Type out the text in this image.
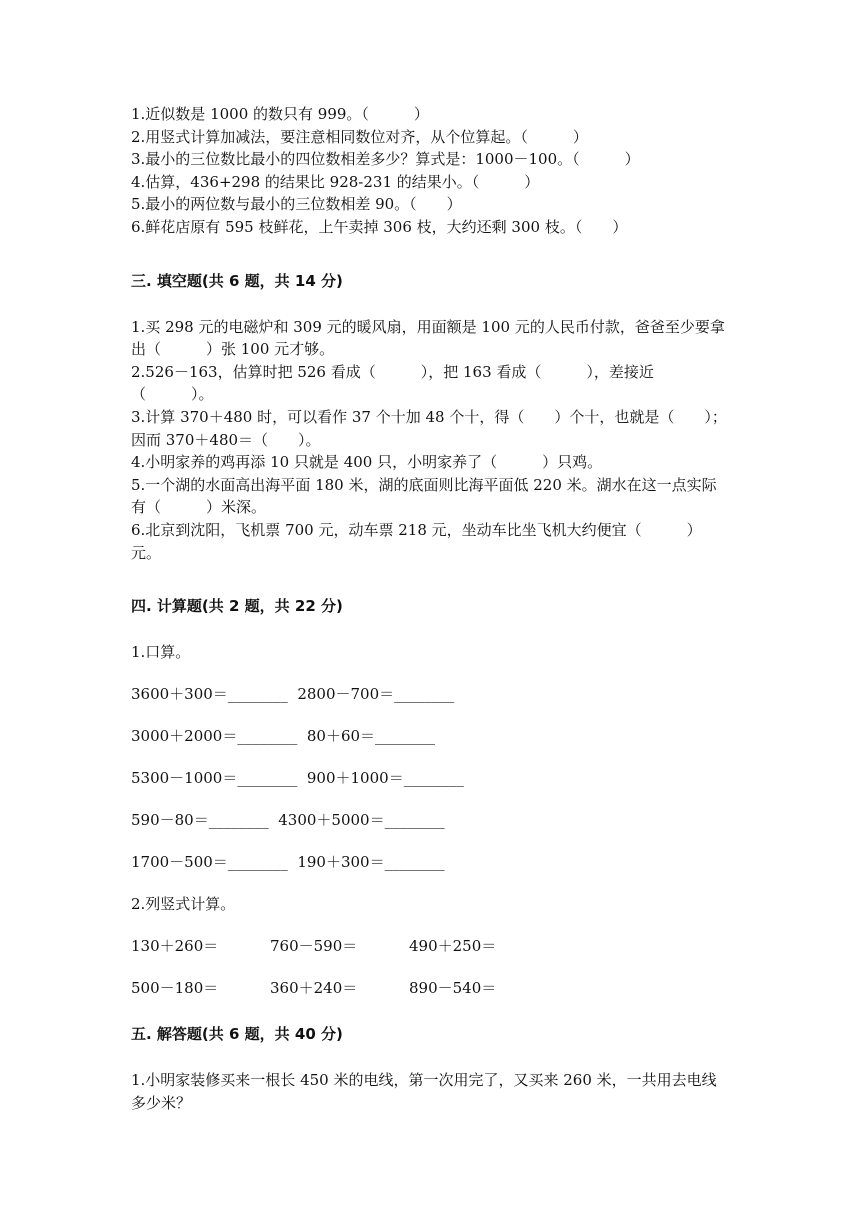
1.近似数是 1000 的数只有 999。（　　　）
2.用竖式计算加减法，要注意相同数位对齐，从个位算起。（　　　）
3.最小的三位数比最小的四位数相差多少？算式是：1000－100。（　　　）
4.估算，436+298 的结果比 928-231 的结果小。（　　　）
5.最小的两位数与最小的三位数相差 90。（　　）
6.鲜花店原有 595 枝鲜花，上午卖掉 306 枝，大约还剩 300 枝。（　　）
三. 填空题(共 6 题，共 14 分)
1.买 298 元的电磁炉和 309 元的暖风扇，用面额是 100 元的人民币付款，爸爸至少要拿出（　　　）张 100 元才够。
2.526－163，估算时把 526 看成（　　　），把 163 看成（　　　），差接近（　　　）。
3.计算 370＋480 时，可以看作 37 个十加 48 个十，得（　　）个十，也就是（　　）；因而 370＋480＝（　　）。
4.小明家养的鸡再添 10 只就是 400 只，小明家养了（　　　）只鸡。
5.一个湖的水面高出海平面 180 米，湖的底面则比海平面低 220 米。湖水在这一点实际有（　　　）米深。
6.北京到沈阳，飞机票 700 元，动车票 218 元，坐动车比坐飞机大约便宜（　　　）元。
四. 计算题(共 2 题，共 22 分)
1.口算。
3600＋300＝________  2800－700＝________
3000＋2000＝________  80＋60＝________
5300－1000＝________  900＋1000＝________
590－80＝________  4300＋5000＝________
1700－500＝________  190＋300＝________
2.列竖式计算。
130＋260＝	760－590＝	490＋250＝
500－180＝	360＋240＝	890－540＝
五. 解答题(共 6 题，共 40 分)
1.小明家装修买来一根长 450 米的电线，第一次用完了，又买来 260 米，一共用去电线多少米？
